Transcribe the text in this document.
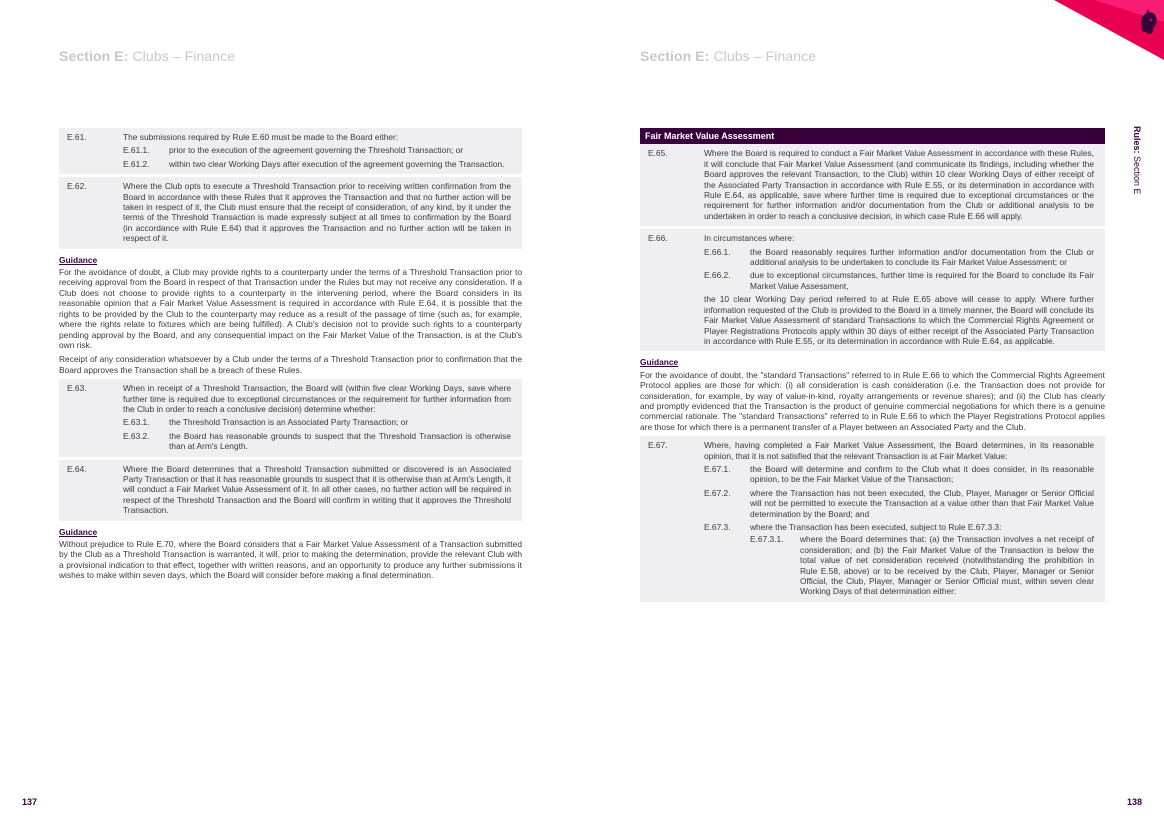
Section E: Clubs – Finance
E.61.	The submissions required by Rule E.60 must be made to the Board either:
E.61.1.	prior to the execution of the agreement governing the Threshold Transaction; or
E.61.2.	within two clear Working Days after execution of the agreement governing the Transaction.
E.62.	Where the Club opts to execute a Threshold Transaction prior to receiving written confirmation from the Board in accordance with these Rules that it approves the Transaction and that no further action will be taken in respect of it, the Club must ensure that the receipt of consideration, of any kind, by it under the terms of the Threshold Transaction is made expressly subject at all times to confirmation by the Board (in accordance with Rule E.64) that it approves the Transaction and no further action will be taken in respect of it.
Guidance
For the avoidance of doubt, a Club may provide rights to a counterparty under the terms of a Threshold Transaction prior to receiving approval from the Board in respect of that Transaction under the Rules but may not receive any consideration. If a Club does not choose to provide rights to a counterparty in the intervening period, where the Board considers in its reasonable opinion that a Fair Market Value Assessment is required in accordance with Rule E.64, it is possible that the rights to be provided by the Club to the counterparty may reduce as a result of the passage of time (such as, for example, where the rights relate to fixtures which are being fulfilled). A Club's decision not to provide such rights to a counterparty pending approval by the Board, and any consequential impact on the Fair Market Value of the Transaction, is at the Club's own risk.
Receipt of any consideration whatsoever by a Club under the terms of a Threshold Transaction prior to confirmation that the Board approves the Transaction shall be a breach of these Rules.
E.63.	When in receipt of a Threshold Transaction, the Board will (within five clear Working Days, save where further time is required due to exceptional circumstances or the requirement for further information from the Club in order to reach a conclusive decision) determine whether:
E.63.1.	the Threshold Transaction is an Associated Party Transaction; or
E.63.2.	the Board has reasonable grounds to suspect that the Threshold Transaction is otherwise than at Arm's Length.
E.64.	Where the Board determines that a Threshold Transaction submitted or discovered is an Associated Party Transaction or that it has reasonable grounds to suspect that it is otherwise than at Arm's Length, it will conduct a Fair Market Value Assessment of it. In all other cases, no further action will be required in respect of the Threshold Transaction and the Board will confirm in writing that it approves the Threshold Transaction.
Guidance
Without prejudice to Rule E.70, where the Board considers that a Fair Market Value Assessment of a Transaction submitted by the Club as a Threshold Transaction is warranted, it will, prior to making the determination, provide the relevant Club with a provisional indication to that effect, together with written reasons, and an opportunity to produce any further submissions it wishes to make within seven days, which the Board will consider before making a final determination.
137
Section E: Clubs – Finance
138
Rules: Section E
Fair Market Value Assessment
E.65.	Where the Board is required to conduct a Fair Market Value Assessment in accordance with these Rules, it will conclude that Fair Market Value Assessment (and communicate its findings, including whether the Board approves the relevant Transaction, to the Club) within 10 clear Working Days of either receipt of the Associated Party Transaction in accordance with Rule E.55, or its determination in accordance with Rule E.64, as applicable, save where further time is required due to exceptional circumstances or the requirement for further information and/or documentation from the Club or additional analysis to be undertaken in order to reach a conclusive decision, in which case Rule E.66 will apply.
E.66.	In circumstances where:
E.66.1.	the Board reasonably requires further information and/or documentation from the Club or additional analysis to be undertaken to conclude its Fair Market Value Assessment; or
E.66.2.	due to exceptional circumstances, further time is required for the Board to conclude its Fair Market Value Assessment,
the 10 clear Working Day period referred to at Rule E.65 above will cease to apply. Where further information requested of the Club is provided to the Board in a timely manner, the Board will conclude its Fair Market Value Assessment of standard Transactions to which the Commercial Rights Agreement or Player Registrations Protocols apply within 30 days of either receipt of the Associated Party Transaction in accordance with Rule E.55, or its determination in accordance with Rule E.64, as applicable.
Guidance
For the avoidance of doubt, the "standard Transactions" referred to in Rule E.66 to which the Commercial Rights Agreement Protocol applies are those for which: (i) all consideration is cash consideration (i.e. the Transaction does not provide for consideration, for example, by way of value-in-kind, royalty arrangements or revenue shares); and (ii) the Club has clearly and promptly evidenced that the Transaction is the product of genuine commercial negotiations for which there is a genuine commercial rationale. The "standard Transactions" referred to in Rule E.66 to which the Player Registrations Protocol applies are those for which there is a permanent transfer of a Player between an Associated Party and the Club.
E.67.	Where, having completed a Fair Market Value Assessment, the Board determines, in its reasonable opinion, that it is not satisfied that the relevant Transaction is at Fair Market Value:
E.67.1.	the Board will determine and confirm to the Club what it does consider, in its reasonable opinion, to be the Fair Market Value of the Transaction;
E.67.2.	where the Transaction has not been executed, the Club, Player, Manager or Senior Official will not be permitted to execute the Transaction at a value other than that Fair Market Value determination by the Board; and
E.67.3.	where the Transaction has been executed, subject to Rule E.67.3.3:
E.67.3.1.	where the Board determines that: (a) the Transaction involves a net receipt of consideration; and (b) the Fair Market Value of the Transaction is below the total value of net consideration received (notwithstanding the prohibition in Rule E.58, above) or to be received by the Club, Player, Manager or Senior Official, the Club, Player, Manager or Senior Official must, within seven clear Working Days of that determination either:
